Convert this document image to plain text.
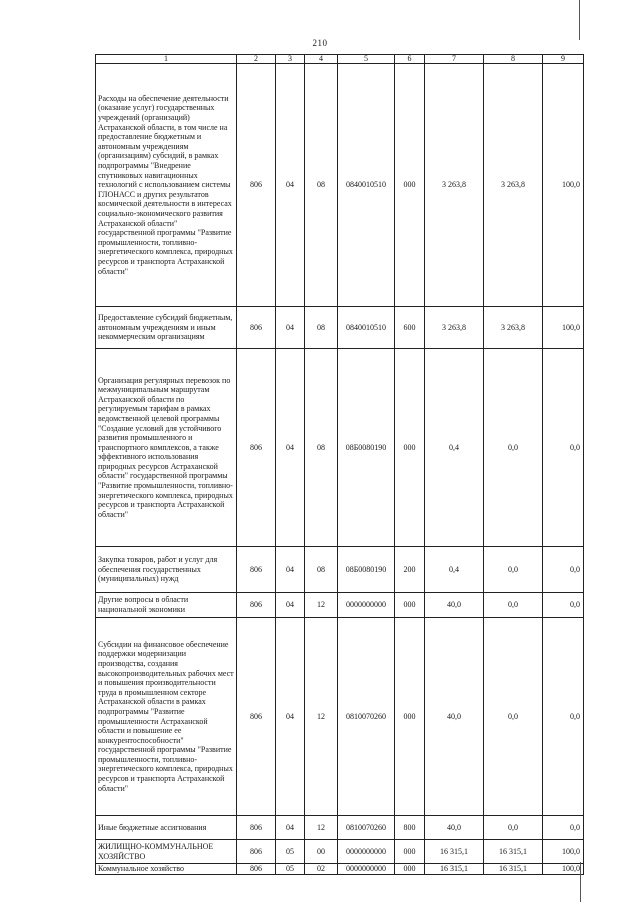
210
1	2	3	4	5	6	7	8	9
Расходы на обеспечение деятельности (оказание услуг) государственных учреждений (организаций) Астраханской области, в том числе на предоставление бюджетным и автономным учреждениям (организациям) субсидий, в рамках подпрограммы "Внедрение спутниковых навигационных технологий с использованием системы ГЛОНАСС и других результатов космической деятельности в интересах социально-экономического развития Астраханской области" государственной программы "Развитие промышленности, топливно-энергетического комплекса, природных ресурсов и транспорта Астраханской области"	806	04	08	0840010510	000	3 263,8	3 263,8	100,0
Предоставление субсидий бюджетным, автономным учреждениям и иным некоммерческим организациям	806	04	08	0840010510	600	3 263,8	3 263,8	100,0
Организация регулярных перевозок по межмуниципальным маршрутам Астраханской области по регулируемым тарифам в рамках ведомственной целевой программы "Создание условий для устойчивого развития промышленного и транспортного комплексов, а также эффективного использования природных ресурсов Астраханской области" государственной программы "Развитие промышленности, топливно-энергетического комплекса, природных ресурсов и транспорта Астраханской области"	806	04	08	08Б0080190	000	0,4	0,0	0,0
Закупка товаров, работ и услуг для обеспечения государственных (муниципальных) нужд	806	04	08	08Б0080190	200	0,4	0,0	0,0
Другие вопросы в области национальной экономики	806	04	12	0000000000	000	40,0	0,0	0,0
Субсидии на финансовое обеспечение поддержки модернизации производства, создания высокопроизводительных рабочих мест и повышения производительности труда в промышленном секторе Астраханской области в рамках подпрограммы "Развитие промышленности Астраханской области и повышение ее конкурентоспособности" государственной программы "Развитие промышленности, топливно-энергетического комплекса, природных ресурсов и транспорта Астраханской области"	806	04	12	0810070260	000	40,0	0,0	0,0
Иные бюджетные ассигнования	806	04	12	0810070260	800	40,0	0,0	0,0
ЖИЛИЩНО-КОММУНАЛЬНОЕ ХОЗЯЙСТВО	806	05	00	0000000000	000	16 315,1	16 315,1	100,0
Коммунальное хозяйство	806	05	02	0000000000	000	16 315,1	16 315,1	100,0
